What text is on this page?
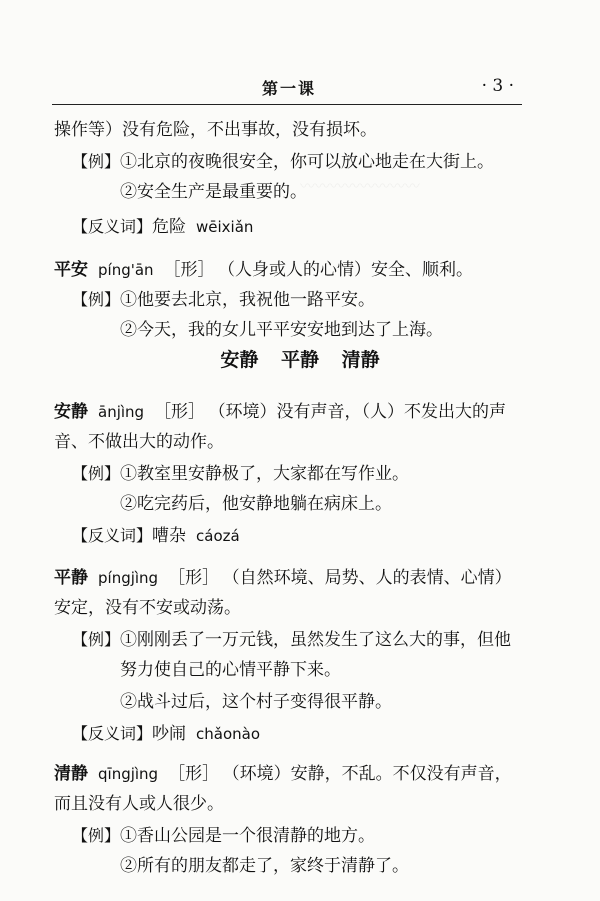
第一课	· 3 ·
〰〰〰〰〰〰〰〰
操作等）没有危险，不出事故，没有损坏。
【例】①北京的夜晚很安全，你可以放心地走在大街上。
②安全生产是最重要的。
【反义词】危险 wēixiǎn
平安 píng'ān ［形］ （人身或人的心情）安全、顺利。
【例】①他要去北京，我祝他一路平安。
②今天，我的女儿平平安安地到达了上海。
安静 平静 清静
安静 ānjìng ［形］ （环境）没有声音，（人）不发出大的声
音、不做出大的动作。
【例】①教室里安静极了，大家都在写作业。
②吃完药后，他安静地躺在病床上。
【反义词】嘈杂 cáozá
平静 píngjìng ［形］ （自然环境、局势、人的表情、心情）
安定，没有不安或动荡。
【例】①刚刚丢了一万元钱，虽然发生了这么大的事，但他
努力使自己的心情平静下来。
②战斗过后，这个村子变得很平静。
【反义词】吵闹 chǎonào
清静 qīngjìng ［形］ （环境）安静，不乱。不仅没有声音，
而且没有人或人很少。
【例】①香山公园是一个很清静的地方。
②所有的朋友都走了，家终于清静了。
